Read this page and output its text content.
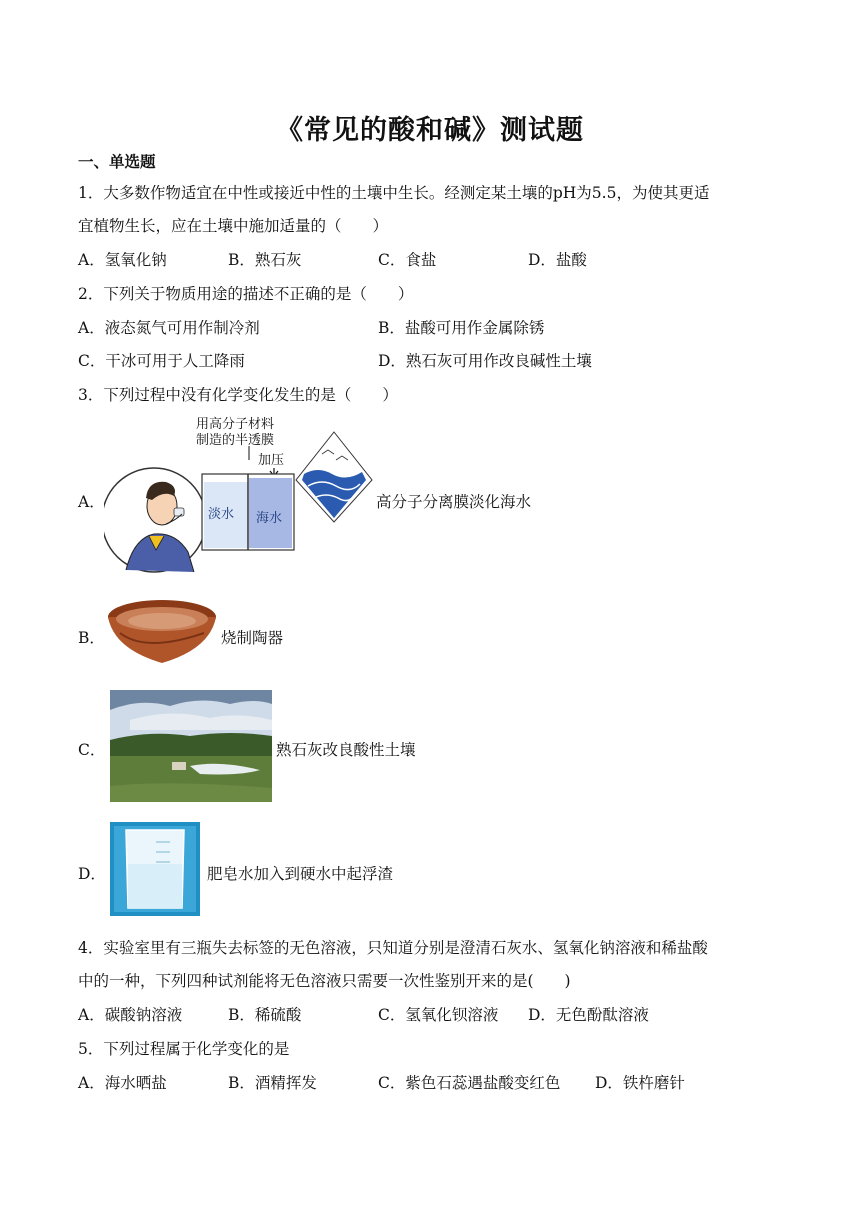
《常见的酸和碱》测试题
一、单选题
1．大多数作物适宜在中性或接近中性的土壤中生长。经测定某土壤的pH为5.5，为使其更适
宜植物生长，应在土壤中施加适量的（　　）
A．氢氧化钠	B．熟石灰	C．食盐	D．盐酸
2．下列关于物质用途的描述不正确的是（　　）
A．液态氮气可用作制冷剂	B．盐酸可用作金属除锈
C．干冰可用于人工降雨	D．熟石灰可用作改良碱性土壤
3．下列过程中没有化学变化发生的是（　　）
A．
用高分子材料
制造的半透膜
加压
淡水 海水
高分子分离膜淡化海水
B．
C．	熟石灰改良酸性土壤
D．	肥皂水加入到硬水中起浮渣
4．实验室里有三瓶失去标签的无色溶液，只知道分别是澄清石灰水、氢氧化钠溶液和稀盐酸
中的一种，下列四种试剂能将无色溶液只需要一次性鉴别开来的是(　　)
A．碳酸钠溶液	B．稀硫酸	C．氢氧化钡溶液 D．无色酚酞溶液
5．下列过程属于化学变化的是
A．海水晒盐	B．酒精挥发	C．紫色石蕊遇盐酸变红色 D．铁杵磨针
烧制陶器
